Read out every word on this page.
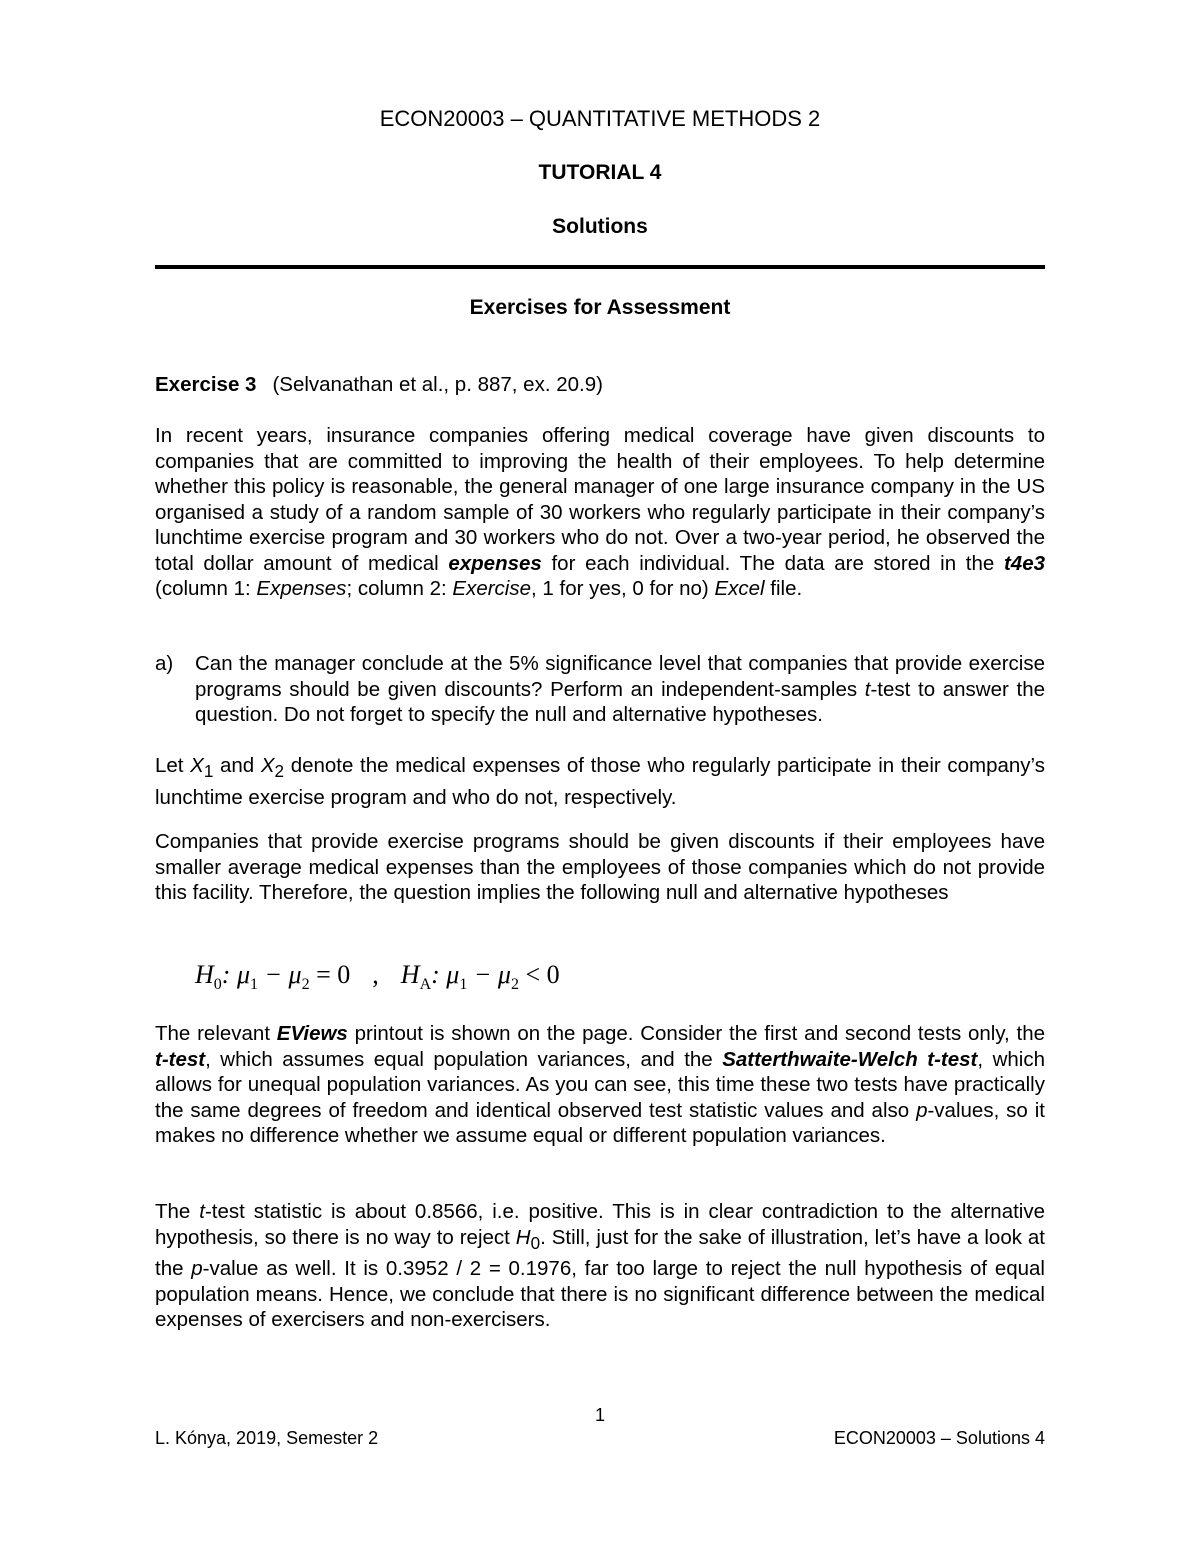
ECON20003 – QUANTITATIVE METHODS 2
TUTORIAL 4
Solutions
Exercises for Assessment
Exercise 3 (Selvanathan et al., p. 887, ex. 20.9)
In recent years, insurance companies offering medical coverage have given discounts to companies that are committed to improving the health of their employees. To help determine whether this policy is reasonable, the general manager of one large insurance company in the US organised a study of a random sample of 30 workers who regularly participate in their company’s lunchtime exercise program and 30 workers who do not. Over a two-year period, he observed the total dollar amount of medical expenses for each individual. The data are stored in the t4e3 (column 1: Expenses; column 2: Exercise, 1 for yes, 0 for no) Excel file.
a) Can the manager conclude at the 5% significance level that companies that provide exercise programs should be given discounts? Perform an independent-samples t-test to answer the question. Do not forget to specify the null and alternative hypotheses.
Let $X_1$ and $X_2$ denote the medical expenses of those who regularly participate in their company’s lunchtime exercise program and who do not, respectively.
Companies that provide exercise programs should be given discounts if their employees have smaller average medical expenses than the employees of those companies which do not provide this facility. Therefore, the question implies the following null and alternative hypotheses
$H_0$: $\mu_1 - \mu_2 = 0$ , $H_A$: $\mu_1 - \mu_2 < 0$
The relevant EViews printout is shown on the page. Consider the first and second tests only, the t-test, which assumes equal population variances, and the Satterthwaite-Welch t-test, which allows for unequal population variances. As you can see, this time these two tests have practically the same degrees of freedom and identical observed test statistic values and also p-values, so it makes no difference whether we assume equal or different population variances.
The t-test statistic is about 0.8566, i.e. positive. This is in clear contradiction to the alternative hypothesis, so there is no way to reject $H_0$. Still, just for the sake of illustration, let’s have a look at the p-value as well. It is 0.3952 / 2 = 0.1976, far too large to reject the null hypothesis of equal population means. Hence, we conclude that there is no significant difference between the medical expenses of exercisers and non-exercisers.
1
L. Kónya, 2019, Semester 2	ECON20003 – Solutions 4
